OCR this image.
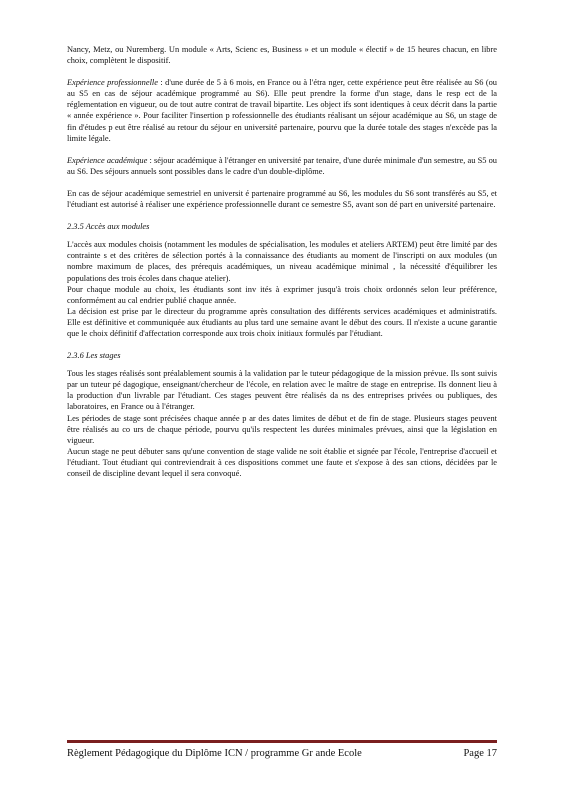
Nancy, Metz, ou Nuremberg. Un module « Arts, Scienc es, Business » et un module « électif » de 15 heures chacun, en libre choix, complètent le dispositif.

Expérience professionnelle : d'une durée de 5 à 6 mois, en France ou à l'étra nger, cette expérience peut être réalisée au S6 (ou au S5 en cas de séjour académique programmé au S6). Elle peut prendre la forme d'un stage, dans le resp ect de la réglementation en vigueur, ou de tout autre contrat de travail bipartite. Les object ifs sont identiques à ceux décrit dans la partie « année expérience ». Pour faciliter l'insertion p rofessionnelle des étudiants réalisant un séjour académique au S6, un stage de fin d'études p eut être réalisé au retour du séjour en université partenaire, pourvu que la durée totale des stages n'excède pas la limite légale.

Expérience académique : séjour académique à l'étranger en université par tenaire, d'une durée minimale d'un semestre, au S5 ou au S6. Des séjours annuels sont possibles dans le cadre d'un double-diplôme.

En cas de séjour académique semestriel en universit é partenaire programmé au S6, les modules du S6 sont transférés au S5, et l'étudiant est autorisé à réaliser une expérience professionnelle durant ce semestre S5, avant son dé part en université partenaire.

2.3.5 Accès aux modules

L'accès aux modules choisis (notamment les modules de spécialisation, les modules et ateliers ARTEM) peut être limité par des contrainte s et des critères de sélection portés à la connaissance des étudiants au moment de l'inscripti on aux modules (un nombre maximum de places, des prérequis académiques, un niveau académique minimal , la nécessité d'équilibrer les populations des trois écoles dans chaque atelier).

Pour chaque module au choix, les étudiants sont inv ités à exprimer jusqu'à trois choix ordonnés selon leur préférence, conformément au cal endrier publié chaque année.

La décision est prise par le directeur du programme après consultation des différents services académiques et administratifs. Elle est définitive et communiquée aux étudiants au plus tard une semaine avant le début des cours. Il n'existe a ucune garantie que le choix définitif d'affectation corresponde aux trois choix initiaux formulés par l'étudiant.

2.3.6 Les stages

Tous les stages réalisés sont préalablement soumis à la validation par le tuteur pédagogique de la mission prévue. Ils sont suivis par un tuteur pé dagogique, enseignant/chercheur de l'école, en relation avec le maître de stage en entreprise. Ils donnent lieu à la production d'un livrable par l'étudiant. Ces stages peuvent être réalisés da ns des entreprises privées ou publiques, des laboratoires, en France ou à l'étranger.

Les périodes de stage sont précisées chaque année p ar des dates limites de début et de fin de stage. Plusieurs stages peuvent être réalisés au co urs de chaque période, pourvu qu'ils respectent les durées minimales prévues, ainsi que la législation en vigueur.

Aucun stage ne peut débuter sans qu'une convention de stage valide ne soit établie et signée par l'école, l'entreprise d'accueil et l'étudiant. Tout étudiant qui contreviendrait à ces dispositions commet une faute et s'expose à des san ctions, décidées par le conseil de discipline devant lequel il sera convoqué.

Règlement Pédagogique du Diplôme ICN / programme Gr ande Ecole	Page 17
